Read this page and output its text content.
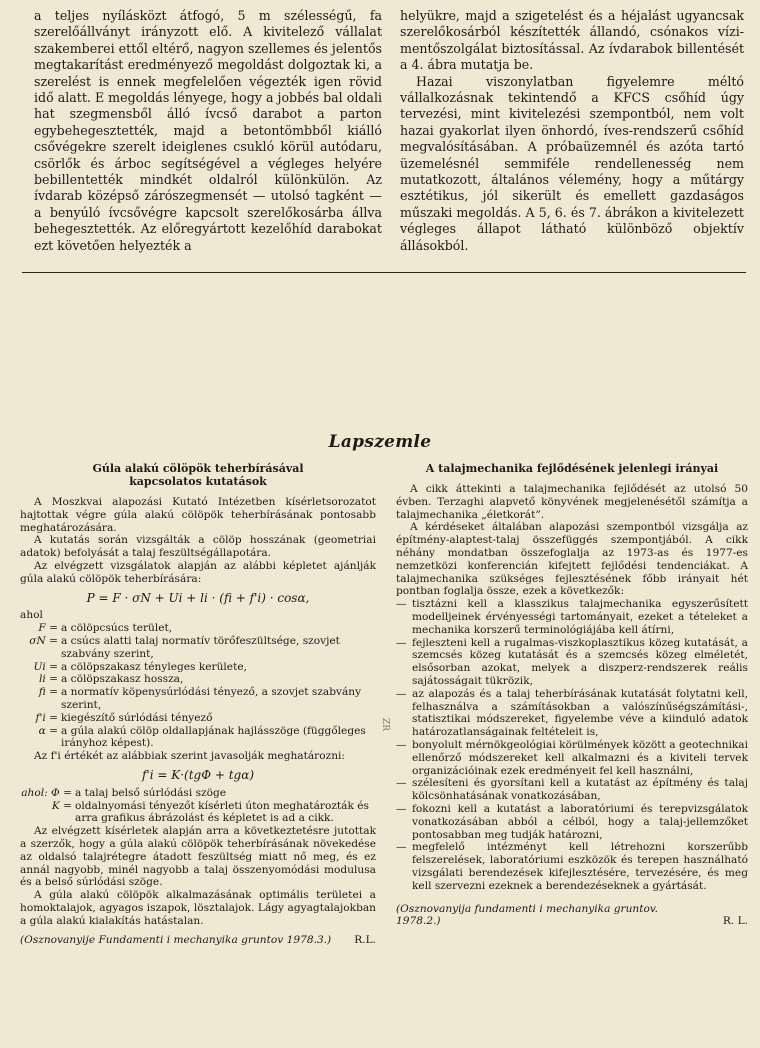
a teljes nyílásközt átfogó, 5 m szélességű, fa szerelőállványt irányzott elő. A kivitelező vállalat szakemberei ettől eltérő, nagyon szellemes és jelentős megtakarítást eredményező megoldást dolgoztak ki, a szerelést is ennek megfelelően végezték igen rövid idő alatt. E megoldás lényege, hogy a jobbés bal oldali hat szegmensből álló ívcső darabot a parton egybehegesztették, majd a betontömbből kiálló csővégekre szerelt ideiglenes csukló körül autódaru, csörlők és árboc segítségével a végleges helyére bebillentették mindkét oldalról különkülön. Az ívdarab középső zárószegmensét — utolsó tagként — a benyúló ívcsővégre kapcsolt szerelőkosárba állva behegesztették. Az előregyártott kezelőhíd darabokat ezt követően helyezték a

helyükre, majd a szigetelést és a héjalást ugyancsak szerelőkosárból készítették állandó, csónakos vízi-mentőszolgálat biztosítással. Az ívdarabok billentését a 4. ábra mutatja be.

Hazai viszonylatban figyelemre méltó vállalkozásnak tekintendő a KFCS csőhíd úgy tervezési, mint kivitelezési szempontból, nem volt hazai gyakorlat ilyen önhordó, íves-rendszerű csőhíd megvalósításában. A próbaüzemnél és azóta tartó üzemelésnél semmiféle rendellenesség nem mutatkozott, általános vélemény, hogy a műtárgy esztétikus, jól sikerült és emellett gazdaságos műszaki megoldás. A 5, 6. és 7. ábrákon a kivitelezett végleges állapot látható különböző objektív állásokból.

Lapszemle
Gúla alakú cölöpök teherbírásával
kapcsolatos kutatások

A Moszkvai alapozási Kutató Intézetben kísérletsorozatot hajtottak végre gúla alakú cölöpök teherbírásának pontosabb meghatározására.

A kutatás során vizsgálták a cölöp hosszának (geometriai adatok) befolyását a talaj feszültségállapotára.

Az elvégzett vizsgálatok alapján az alábbi képletet ajánlják gúla alakú cölöpök teherbírására:

P = F · σN + Ui + li · (fi + f'i) · cosα,

ahol

F = a cölöpcsúcs terület,
σN = a csúcs alatti talaj normatív törőfeszültsége, szovjet szabvány szerint,
Ui = a cölöpszakasz tényleges kerülete,
li = a cölöpszakasz hossza,
fi = a normatív köpenysúrlódási tényező, a szovjet szabvány szerint,
f'i = kiegészítő súrlódási tényező
α = a gúla alakú cölöp oldallapjának hajlásszöge (függőleges irányhoz képest).

Az f'i értékét az alábbiak szerint javasolják meghatározni:

f'i = K·(tgΦ + tgα)
ahol: Φ = a talaj belső súrlódási szöge
K = oldalnyomási tényezőt kísérleti úton meghatározták és arra grafikus ábrázolást és képletet is ad a cikk.

Az elvégzett kísérletek alapján arra a következtetésre jutottak a szerzők, hogy a gúla alakú cölöpök teherbírásának növekedése az oldalsó talajrétegre átadott feszültség miatt nő meg, és ez annál nagyobb, minél nagyobb a talaj összenyomódási modulusa és a belső súrlódási szöge.

A gúla alakú cölöpök alkalmazásának optimális területei a homoktalajok, agyagos iszapok, lösztalajok. Lágy agyagtalajokban a gúla alakú kialakítás hatástalan.

(Osznovanyije Fundamenti i mechanyika gruntov 1978.3.) R.L.
ZR
A talajmechanika fejlődésének jelenlegi irányai

A cikk áttekinti a talajmechanika fejlődését az utolsó 50 évben. Terzaghi alapvető könyvének megjelenésétől számítja a talajmechanika „életkorát”.

A kérdéseket általában alapozási szempontból vizsgálja az építmény-alaptest-talaj összefüggés szempontjából. A cikk néhány mondatban összefoglalja az 1973-as és 1977-es nemzetközi konferencián kifejtett fejlődési tendenciákat. A talajmechanika szükséges fejlesztésének főbb irányait hét pontban foglalja össze, ezek a következők:

— tisztázni kell a klasszikus talajmechanika egyszerűsített modelljeinek érvényességi tartományait, ezeket a tételeket a mechanika korszerű terminológiájába kell átírni,
— fejleszteni kell a rugalmas-viszkoplasztikus közeg kutatását, a szemcsés közeg kutatását és a szemcsés közeg elméletét, elsősorban azokat, melyek a diszperz-rendszerek reális sajátosságait tükrözik,
— az alapozás és a talaj teherbírásának kutatását folytatni kell, felhasználva a számításokban a valószínűségszámítási-, statisztikai módszereket, figyelembe véve a kiinduló adatok határozatlanságainak feltételeit is,
— bonyolult mérnökgeológiai körülmények között a geotechnikai ellenőrző módszereket kell alkalmazni és a kiviteli tervek organizációinak ezek eredményeit fel kell használni,
— szélesíteni és gyorsítani kell a kutatást az építmény és talaj kölcsönhatásának vonatkozásában,
— fokozni kell a kutatást a laboratóriumi és terepvizsgálatok vonatkozásában abból a célból, hogy a talaj-jellemzőket pontosabban meg tudják határozni,
— megfelelő intézményt kell létrehozni korszerűbb felszerelések, laboratóriumi eszközök és terepen használható vizsgálati berendezések kifejlesztésére, tervezésére, és meg kell szervezni ezeknek a berendezéseknek a gyártását.
(Osznovanyija fundamenti i mechanyika gruntov.
1978.2.)	R. L.
